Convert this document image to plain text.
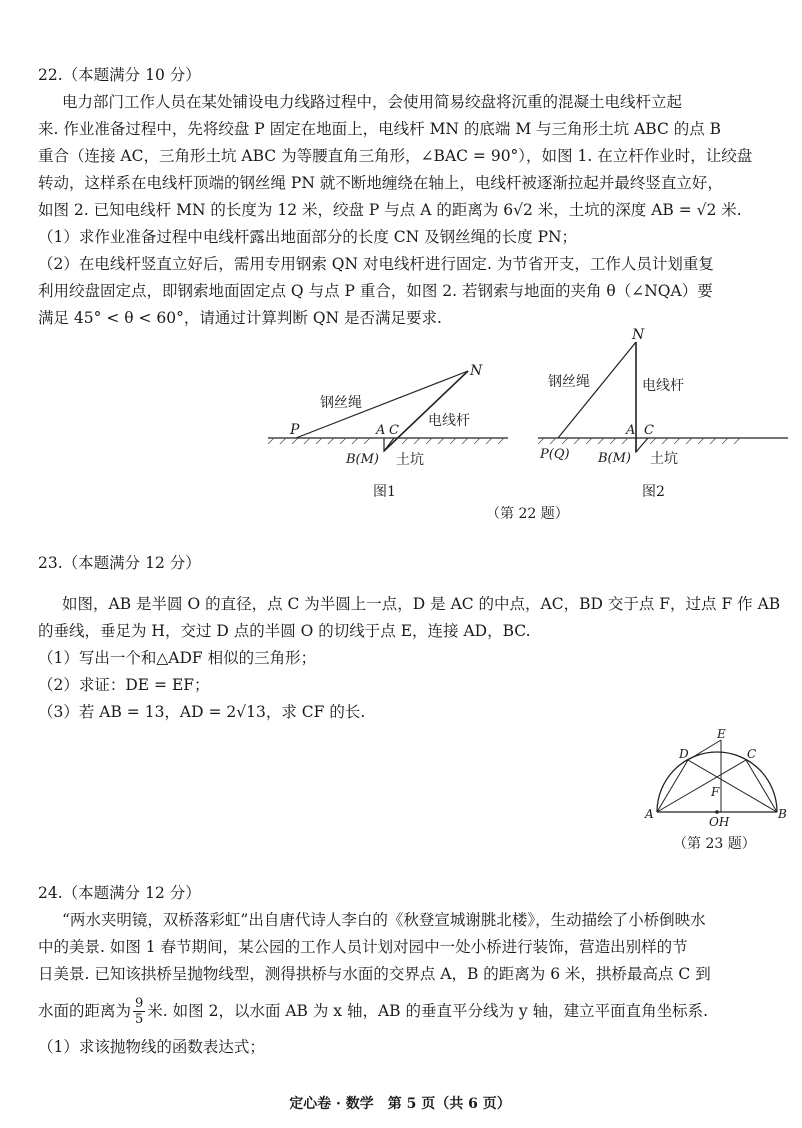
22.（本题满分 10 分）
电力部门工作人员在某处铺设电力线路过程中，会使用简易绞盘将沉重的混凝土电线杆立起
来. 作业准备过程中，先将绞盘 P 固定在地面上，电线杆 MN 的底端 M 与三角形土坑 ABC 的点 B
重合（连接 AC，三角形土坑 ABC 为等腰直角三角形，∠BAC = 90°），如图 1. 在立杆作业时，让绞盘
转动，这样系在电线杆顶端的钢丝绳 PN 就不断地缠绕在轴上，电线杆被逐渐拉起并最终竖直立好，
如图 2. 已知电线杆 MN 的长度为 12 米，绞盘 P 与点 A 的距离为 6√2 米，土坑的深度 AB = √2 米.
（1）求作业准备过程中电线杆露出地面部分的长度 CN 及钢丝绳的长度 PN；
（2）在电线杆竖直立好后，需用专用钢索 QN 对电线杆进行固定. 为节省开支，工作人员计划重复
利用绞盘固定点，即钢索地面固定点 Q 与点 P 重合，如图 2. 若钢索与地面的夹角 θ（∠NQA）要
满足 45° < θ < 60°，请通过计算判断 QN 是否满足要求.
P
N
A C
B(M)
钢丝绳
电线杆
土坑
图1
N
A C
P(Q) B(M)
钢丝绳	电线杆
土坑
图2
（第 22 题）
23.（本题满分 12 分）
如图，AB 是半圆 O 的直径，点 C 为半圆上一点，D 是 AC 的中点，AC，BD 交于点 F，过点 F 作 AB
的垂线，垂足为 H，交过 D 点的半圆 O 的切线于点 E，连接 AD，BC.
（1）写出一个和△ADF 相似的三角形；
（2）求证：DE = EF；
（3）若 AB = 13，AD = 2√13，求 CF 的长.
A	B
C
D
E
F
OH
（第 23 题）
24.（本题满分 12 分）
“两水夹明镜，双桥落彩虹”出自唐代诗人李白的《秋登宣城谢朓北楼》，生动描绘了小桥倒映水
中的美景. 如图 1 春节期间，某公园的工作人员计划对园中一处小桥进行装饰，营造出别样的节
日美景. 已知该拱桥呈抛物线型，测得拱桥与水面的交界点 A，B 的距离为 6 米，拱桥最高点 C 到
水面的距离为 $\frac{9}{5}$ 米. 如图 2，以水面 AB 为 x 轴，AB 的垂直平分线为 y 轴，建立平面直角坐标系.
（1）求该抛物线的函数表达式；
定心卷 · 数学　第 5 页（共 6 页）
